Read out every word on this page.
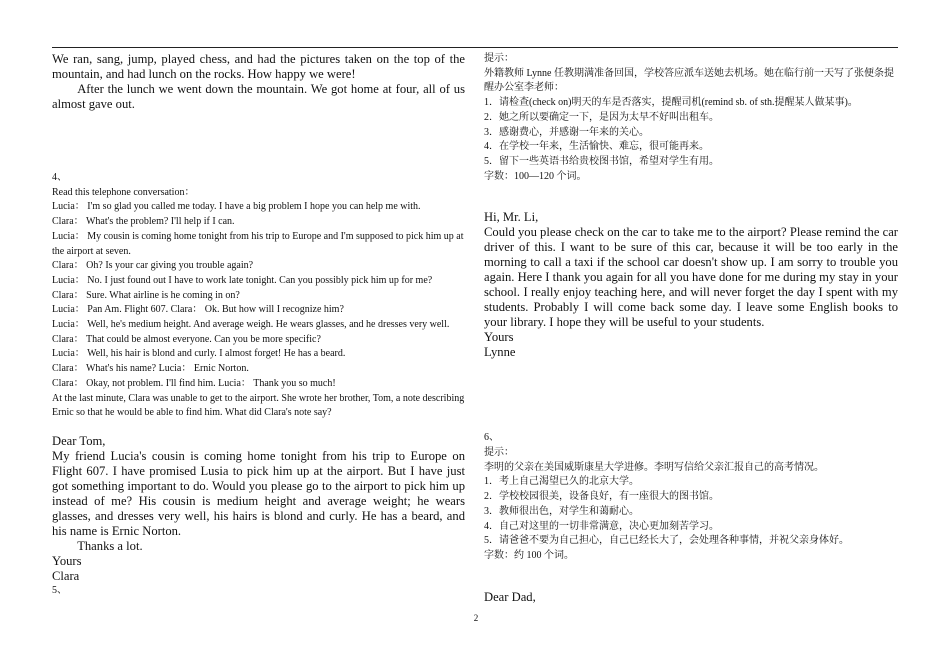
We ran, sang, jump, played chess, and had the pictures taken on the top of the mountain, and had lunch on the rocks. How happy we were!

After the lunch we went down the mountain. We got home at four, all of us almost gave out.

4、

Read this telephone conversation：

Lucia： I'm so glad you called me today. I have a big problem I hope you can help me with.

Clara： What's the problem? I'll help if I can.

Lucia： My cousin is coming home tonight from his trip to Europe and I'm supposed to pick him up at the airport at seven.

Clara： Oh? Is your car giving you trouble again?

Lucia： No. I just found out I have to work late tonight. Can you possibly pick him up for me?

Clara： Sure. What airline is he coming in on?

Lucia： Pan Am. Flight 607. Clara： Ok. But how will I recognize him?

Lucia： Well, he's medium height. And average weigh. He wears glasses, and he dresses very well.

Clara： That could be almost everyone. Can you be more specific?

Lucia： Well, his hair is blond and curly. I almost forget! He has a beard.

Clara： What's his name? Lucia： Ernic Norton.

Clara： Okay, not problem. I'll find him. Lucia： Thank you so much!

At the last minute, Clara was unable to get to the airport. She wrote her brother, Tom, a note describing Ernic so that he would be able to find him. What did Clara's note say?

Dear Tom,

My friend Lucia's cousin is coming home tonight from his trip to Europe on Flight 607. I have promised Lusia to pick him up at the airport. But I have just got something important to do. Would you please go to the airport to pick him up instead of me? His cousin is medium height and average weight; he wears glasses, and dresses very well, his hairs is blond and curly. He has a beard, and his name is Ernic Norton.

Thanks a lot.

Yours

Clara

5、

提示：

外籍教师 Lynne 任教期满准备回国，学校答应派车送她去机场。她在临行前一天写了张便条提醒办公室李老师：

1．请检查(check on)明天的车是否落实，提醒司机(remind sb. of sth.提醒某人做某事)。

2．她之所以要确定一下，是因为太早不好叫出租车。

3．感谢费心，并感谢一年来的关心。

4．在学校一年来，生活愉快、难忘，很可能再来。

5．留下一些英语书给贵校图书馆，希望对学生有用。

字数：100—120 个词。

Hi, Mr. Li,

Could you please check on the car to take me to the airport? Please remind the car driver of this. I want to be sure of this car, because it will be too early in the morning to call a taxi if the school car doesn't show up. I am sorry to trouble you again. Here I thank you again for all you have done for me during my stay in your school. I really enjoy teaching here, and will never forget the day I spent with my students. Probably I will come back some day. I leave some English books to your library. I hope they will be useful to your students.

Yours

Lynne

6、

提示：

李明的父亲在美国威斯康星大学进修。李明写信给父亲汇报自己的高考情况。

1．考上自己渴望已久的北京大学。

2．学校校园很美，设备良好，有一座很大的图书馆。

3．教师很出色，对学生和蔼耐心。

4．自己对这里的一切非常满意，决心更加刻苦学习。

5．请爸爸不要为自己担心，自己已经长大了，会处理各种事情，并祝父亲身体好。

字数：约 100 个词。

Dear Dad,

2
